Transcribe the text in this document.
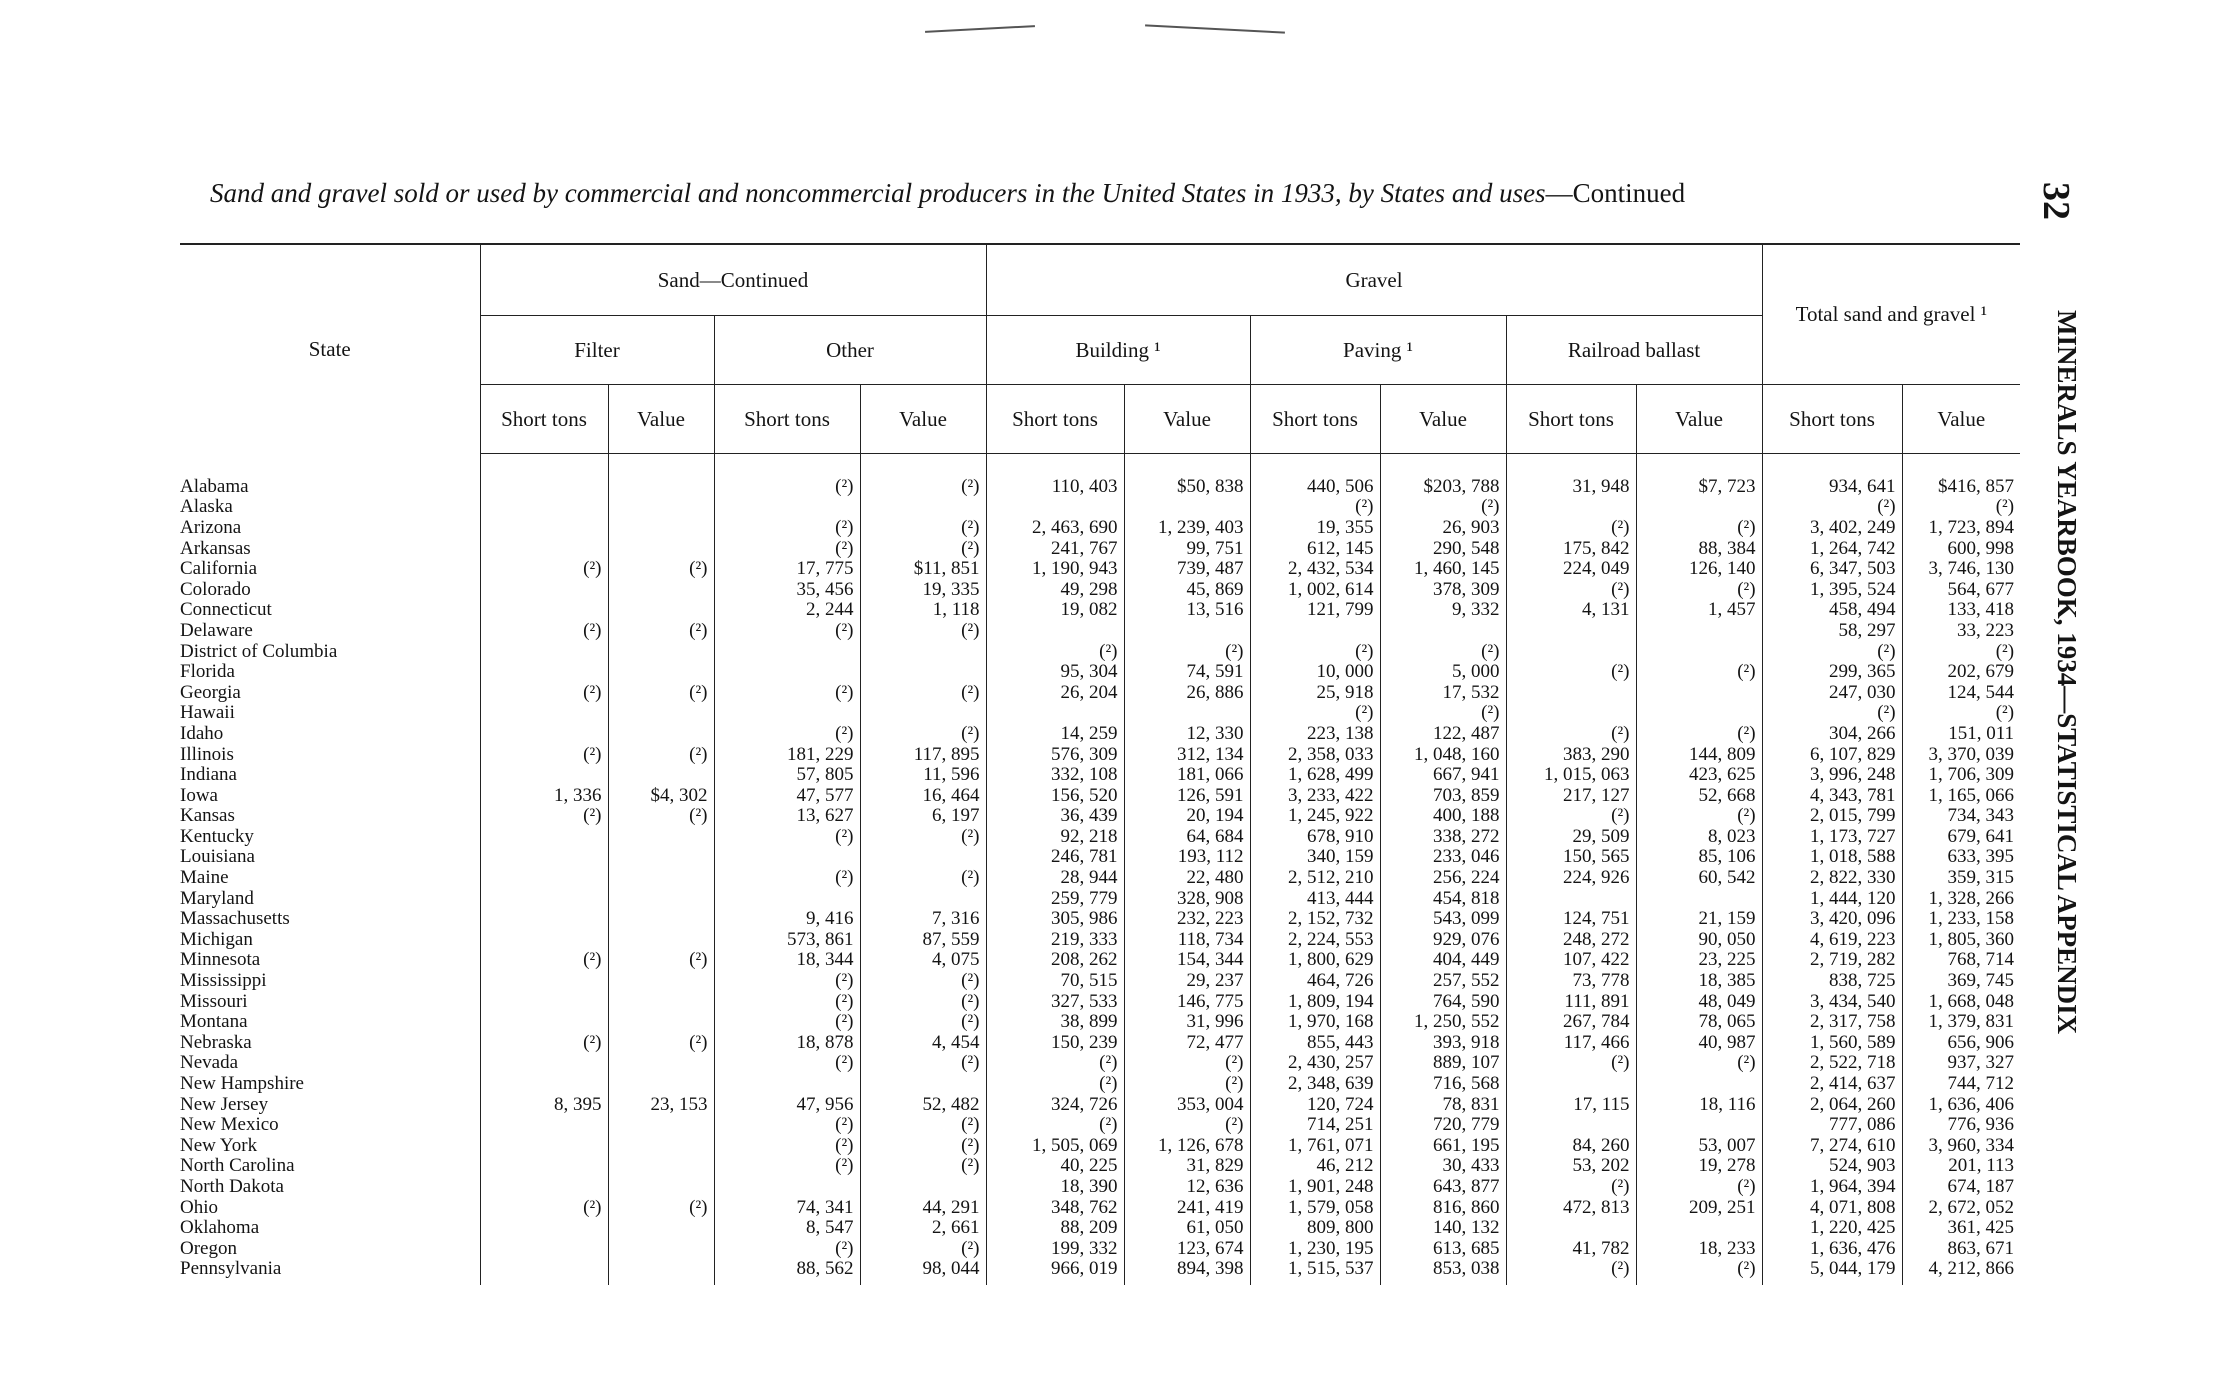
Sand and gravel sold or used by commercial and noncommercial producers in the United States in 1933, by States and uses—Continued	32
MINERALS YEARBOOK, 1934—STATISTICAL APPENDIX
State	Sand—Continued				Gravel						Total sand and gravel ¹	
	Filter		Other		Building ¹		Paving ¹		Railroad ballast			
	Short tons	Value	Short tons	Value	Short tons	Value	Short tons	Value	Short tons	Value	Short tons	Value
Alabama			(²)	(²)	110, 403	$50, 838	440, 506	$203, 788	31, 948	$7, 723	934, 641	$416, 857
Alaska							(²)	(²)			(²)	(²)
Arizona			(²)	(²)	2, 463, 690	1, 239, 403	19, 355	26, 903	(²)	(²)	3, 402, 249	1, 723, 894
Arkansas			(²)	(²)	241, 767	99, 751	612, 145	290, 548	175, 842	88, 384	1, 264, 742	600, 998
California	(²)	(²)	17, 775	$11, 851	1, 190, 943	739, 487	2, 432, 534	1, 460, 145	224, 049	126, 140	6, 347, 503	3, 746, 130
Colorado			35, 456	19, 335	49, 298	45, 869	1, 002, 614	378, 309	(²)	(²)	1, 395, 524	564, 677
Connecticut			2, 244	1, 118	19, 082	13, 516	121, 799	9, 332	4, 131	1, 457	458, 494	133, 418
Delaware	(²)	(²)	(²)	(²)							58, 297	33, 223
District of Columbia					(²)	(²)	(²)	(²)			(²)	(²)
Florida					95, 304	74, 591	10, 000	5, 000	(²)	(²)	299, 365	202, 679
Georgia	(²)	(²)	(²)	(²)	26, 204	26, 886	25, 918	17, 532			247, 030	124, 544
Hawaii							(²)	(²)			(²)	(²)
Idaho			(²)	(²)	14, 259	12, 330	223, 138	122, 487	(²)	(²)	304, 266	151, 011
Illinois	(²)	(²)	181, 229	117, 895	576, 309	312, 134	2, 358, 033	1, 048, 160	383, 290	144, 809	6, 107, 829	3, 370, 039
Indiana			57, 805	11, 596	332, 108	181, 066	1, 628, 499	667, 941	1, 015, 063	423, 625	3, 996, 248	1, 706, 309
Iowa	1, 336	$4, 302	47, 577	16, 464	156, 520	126, 591	3, 233, 422	703, 859	217, 127	52, 668	4, 343, 781	1, 165, 066
Kansas	(²)	(²)	13, 627	6, 197	36, 439	20, 194	1, 245, 922	400, 188	(²)	(²)	2, 015, 799	734, 343
Kentucky			(²)	(²)	92, 218	64, 684	678, 910	338, 272	29, 509	8, 023	1, 173, 727	679, 641
Louisiana					246, 781	193, 112	340, 159	233, 046	150, 565	85, 106	1, 018, 588	633, 395
Maine			(²)	(²)	28, 944	22, 480	2, 512, 210	256, 224	224, 926	60, 542	2, 822, 330	359, 315
Maryland					259, 779	328, 908	413, 444	454, 818			1, 444, 120	1, 328, 266
Massachusetts			9, 416	7, 316	305, 986	232, 223	2, 152, 732	543, 099	124, 751	21, 159	3, 420, 096	1, 233, 158
Michigan			573, 861	87, 559	219, 333	118, 734	2, 224, 553	929, 076	248, 272	90, 050	4, 619, 223	1, 805, 360
Minnesota	(²)	(²)	18, 344	4, 075	208, 262	154, 344	1, 800, 629	404, 449	107, 422	23, 225	2, 719, 282	768, 714
Mississippi			(²)	(²)	70, 515	29, 237	464, 726	257, 552	73, 778	18, 385	838, 725	369, 745
Missouri			(²)	(²)	327, 533	146, 775	1, 809, 194	764, 590	111, 891	48, 049	3, 434, 540	1, 668, 048
Montana			(²)	(²)	38, 899	31, 996	1, 970, 168	1, 250, 552	267, 784	78, 065	2, 317, 758	1, 379, 831
Nebraska	(²)	(²)	18, 878	4, 454	150, 239	72, 477	855, 443	393, 918	117, 466	40, 987	1, 560, 589	656, 906
Nevada			(²)	(²)	(²)	(²)	2, 430, 257	889, 107	(²)	(²)	2, 522, 718	937, 327
New Hampshire					(²)	(²)	2, 348, 639	716, 568			2, 414, 637	744, 712
New Jersey	8, 395	23, 153	47, 956	52, 482	324, 726	353, 004	120, 724	78, 831	17, 115	18, 116	2, 064, 260	1, 636, 406
New Mexico			(²)	(²)	(²)	(²)	714, 251	720, 779			777, 086	776, 936
New York			(²)	(²)	1, 505, 069	1, 126, 678	1, 761, 071	661, 195	84, 260	53, 007	7, 274, 610	3, 960, 334
North Carolina			(²)	(²)	40, 225	31, 829	46, 212	30, 433	53, 202	19, 278	524, 903	201, 113
North Dakota					18, 390	12, 636	1, 901, 248	643, 877	(²)	(²)	1, 964, 394	674, 187
Ohio	(²)	(²)	74, 341	44, 291	348, 762	241, 419	1, 579, 058	816, 860	472, 813	209, 251	4, 071, 808	2, 672, 052
Oklahoma			8, 547	2, 661	88, 209	61, 050	809, 800	140, 132			1, 220, 425	361, 425
Oregon			(²)	(²)	199, 332	123, 674	1, 230, 195	613, 685	41, 782	18, 233	1, 636, 476	863, 671
Pennsylvania			88, 562	98, 044	966, 019	894, 398	1, 515, 537	853, 038	(²)	(²)	5, 044, 179	4, 212, 866
